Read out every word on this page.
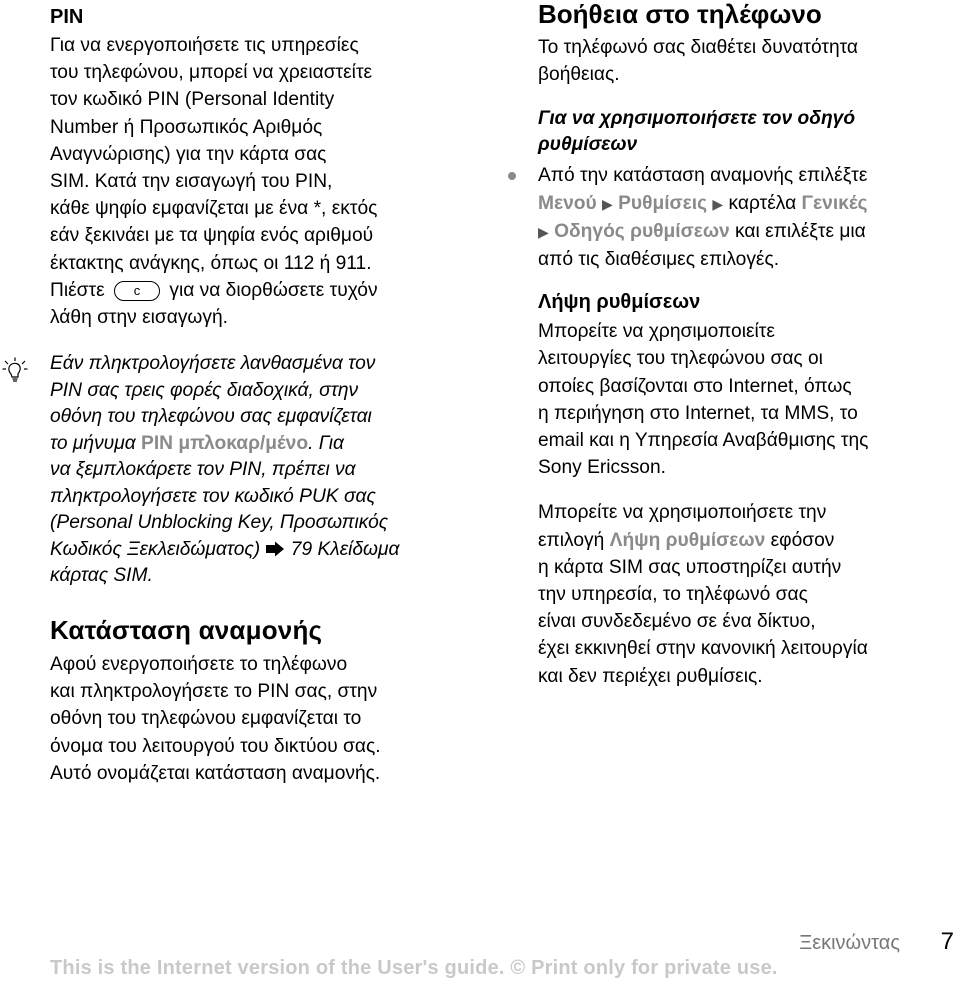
PIN

Για να ενεργοποιήσετε τις υπηρεσίες

του τηλεφώνου, μπορεί να χρειαστείτε

τον κωδικό PIN (Personal Identity

Number ή Προσωπικός Αριθμός

Αναγνώρισης) για την κάρτα σας

SIM. Κατά την εισαγωγή του PIN,

κάθε ψηφίο εμφανίζεται με ένα *, εκτός

εάν ξεκινάει με τα ψηφία ενός αριθμού

έκτακτης ανάγκης, όπως οι 112 ή 911.

Πιέστε c για να διορθώσετε τυχόν

λάθη στην εισαγωγή.

Εάν πληκτρολογήσετε λανθασμένα τον

PIN σας τρεις φορές διαδοχικά, στην

οθόνη του τηλεφώνου σας εμφανίζεται

το μήνυμα PIN μπλοκαρ/μένο. Για

να ξεμπλοκάρετε τον PIN, πρέπει να

πληκτρολογήσετε τον κωδικό PUK σας

(Personal Unblocking Key, Προσωπικός

Κωδικός Ξεκλειδώματος) 79 Κλείδωμα

κάρτας SIM.

Κατάσταση αναμονής

Αφού ενεργοποιήσετε το τηλέφωνο

και πληκτρολογήσετε το PIN σας, στην

οθόνη του τηλεφώνου εμφανίζεται το

όνομα του λειτουργού του δικτύου σας.

Αυτό ονομάζεται κατάσταση αναμονής.

Βοήθεια στο τηλέφωνο

Το τηλέφωνό σας διαθέτει δυνατότητα

βοήθειας.

Για να χρησιμοποιήσετε τον οδηγό

ρυθμίσεων

Από την κατάσταση αναμονής επιλέξτε

Μενού ▶ Ρυθμίσεις ▶ καρτέλα Γενικές

▶ Οδηγός ρυθμίσεων και επιλέξτε μια

από τις διαθέσιμες επιλογές.

Λήψη ρυθμίσεων

Μπορείτε να χρησιμοποιείτε

λειτουργίες του τηλεφώνου σας οι

οποίες βασίζονται στο Internet, όπως

η περιήγηση στο Internet, τα MMS, το

email και η Υπηρεσία Αναβάθμισης της

Sony Ericsson.

Μπορείτε να χρησιμοποιήσετε την

επιλογή Λήψη ρυθμίσεων εφόσον

η κάρτα SIM σας υποστηρίζει αυτήν

την υπηρεσία, το τηλέφωνό σας

είναι συνδεδεμένο σε ένα δίκτυο,

έχει εκκινηθεί στην κανονική λειτουργία

και δεν περιέχει ρυθμίσεις.

Ξεκινώντας 7
This is the Internet version of the User's guide. © Print only for private use.
